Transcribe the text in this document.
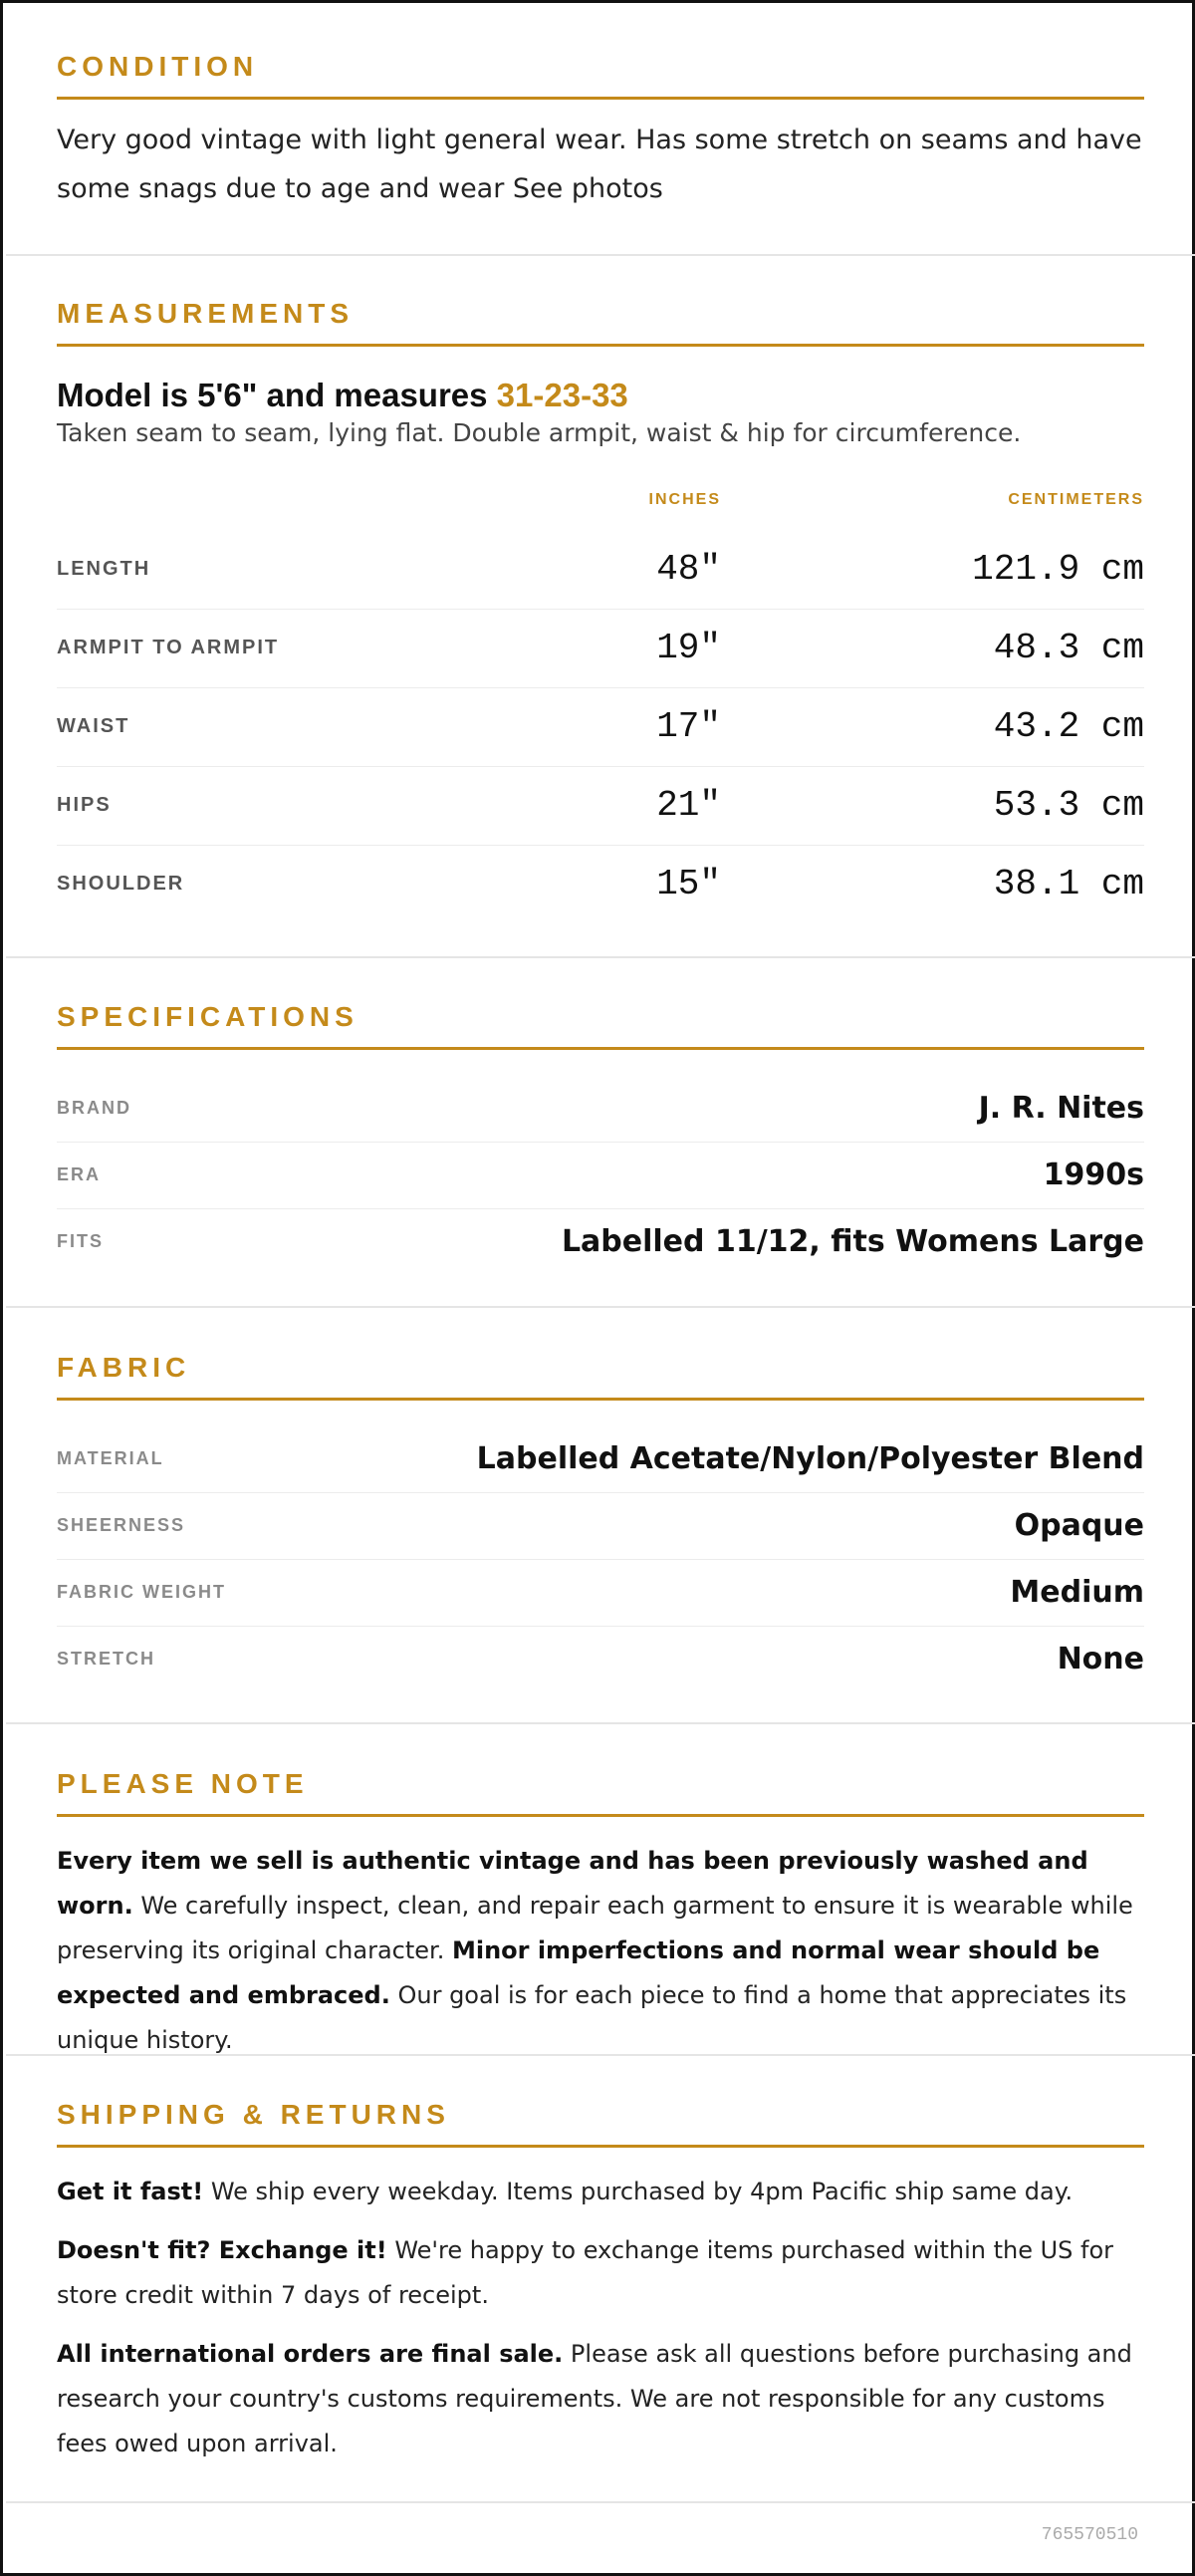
CONDITION
Very good vintage with light general wear. Has some stretch on seams and have some snags due to age and wear See photos
MEASUREMENTS
Model is 5'6" and measures 31-23-33
Taken seam to seam, lying flat. Double armpit, waist & hip for circumference.
INCHES	CENTIMETERS
LENGTH	48"	121.9 cm
ARMPIT TO ARMPIT	19"	48.3 cm
WAIST	17"	43.2 cm
HIPS	21"	53.3 cm
SHOULDER	15"	38.1 cm
SPECIFICATIONS
BRAND	J. R. Nites
ERA	1990s
FITS	Labelled 11/12, fits Womens Large
FABRIC
MATERIAL	Labelled Acetate/Nylon/Polyester Blend
SHEERNESS	Opaque
FABRIC WEIGHT	Medium
STRETCH	None
PLEASE NOTE

Every item we sell is authentic vintage and has been previously washed and worn. We carefully inspect, clean, and repair each garment to ensure it is wearable while preserving its original character. Minor imperfections and normal wear should be expected and embraced. Our goal is for each piece to find a home that appreciates its unique history.

SHIPPING & RETURNS

Get it fast! We ship every weekday. Items purchased by 4pm Pacific ship same day.

Doesn't fit? Exchange it! We're happy to exchange items purchased within the US for store credit within 7 days of receipt.

All international orders are final sale. Please ask all questions before purchasing and research your country's customs requirements. We are not responsible for any customs fees owed upon arrival.

765570510
